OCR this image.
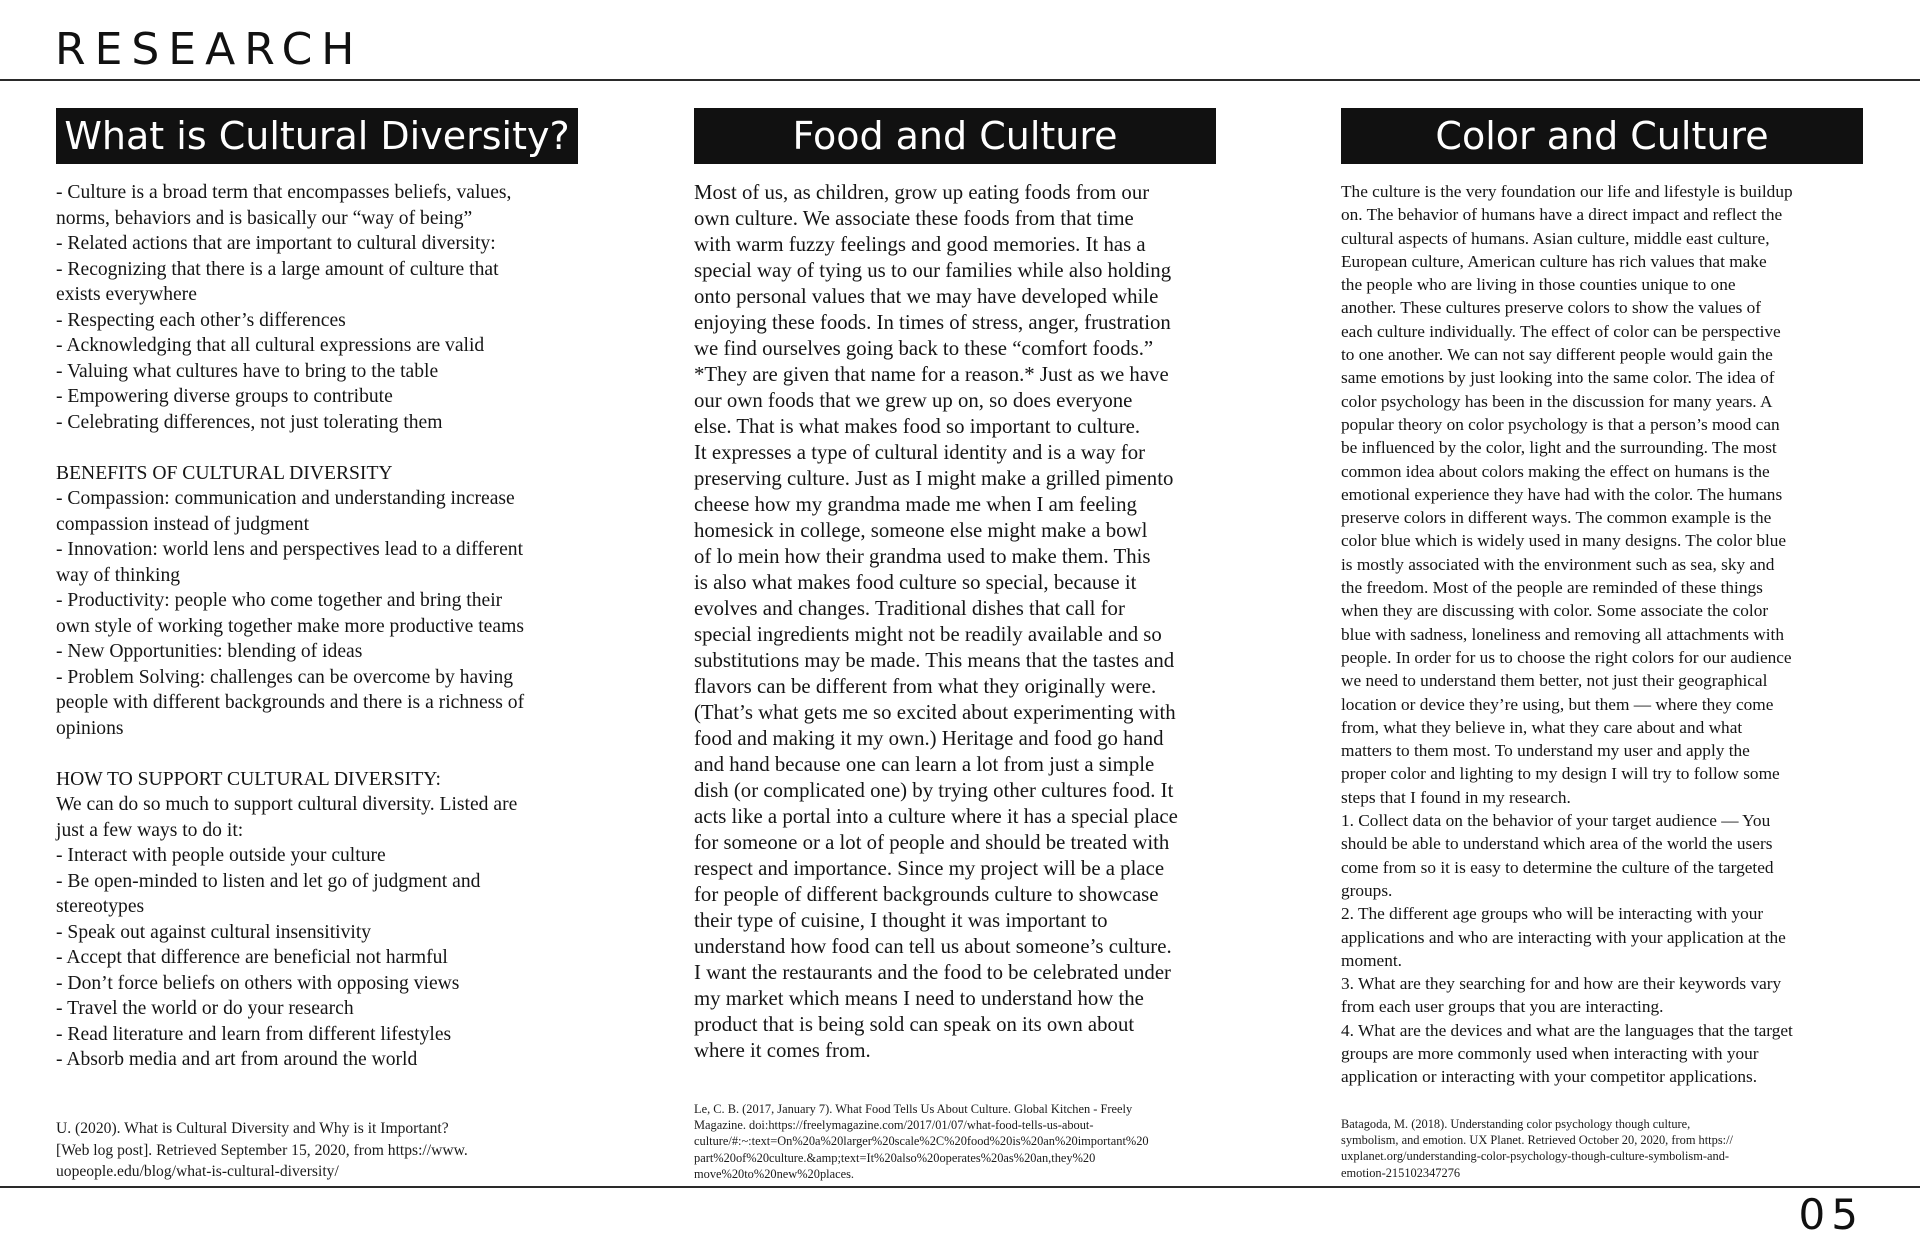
RESEARCH
What is Cultural Diversity?
- Culture is a broad term that encompasses beliefs, values,
norms, behaviors and is basically our “way of being”
- Related actions that are important to cultural diversity:
- Recognizing that there is a large amount of culture that
exists everywhere
- Respecting each other’s differences
- Acknowledging that all cultural expressions are valid
- Valuing what cultures have to bring to the table
- Empowering diverse groups to contribute
- Celebrating differences, not just tolerating them
BENEFITS OF CULTURAL DIVERSITY
- Compassion: communication and understanding increase
compassion instead of judgment
- Innovation: world lens and perspectives lead to a different
way of thinking
- Productivity: people who come together and bring their
own style of working together make more productive teams
- New Opportunities: blending of ideas
- Problem Solving: challenges can be overcome by having
people with different backgrounds and there is a richness of
opinions
HOW TO SUPPORT CULTURAL DIVERSITY:
We can do so much to support cultural diversity. Listed are
just a few ways to do it:
- Interact with people outside your culture
- Be open-minded to listen and let go of judgment and
stereotypes
- Speak out against cultural insensitivity
- Accept that difference are beneficial not harmful
- Don’t force beliefs on others with opposing views
- Travel the world or do your research
- Read literature and learn from different lifestyles
- Absorb media and art from around the world
Food and Culture
Most of us, as children, grow up eating foods from our
own culture. We associate these foods from that time
with warm fuzzy feelings and good memories. It has a
special way of tying us to our families while also holding
onto personal values that we may have developed while
enjoying these foods. In times of stress, anger, frustration
we find ourselves going back to these “comfort foods.”
*They are given that name for a reason.* Just as we have
our own foods that we grew up on, so does everyone
else. That is what makes food so important to culture.
It expresses a type of cultural identity and is a way for
preserving culture. Just as I might make a grilled pimento
cheese how my grandma made me when I am feeling
homesick in college, someone else might make a bowl
of lo mein how their grandma used to make them. This
is also what makes food culture so special, because it
evolves and changes. Traditional dishes that call for
special ingredients might not be readily available and so
substitutions may be made. This means that the tastes and
flavors can be different from what they originally were.
(That’s what gets me so excited about experimenting with
food and making it my own.) Heritage and food go hand
and hand because one can learn a lot from just a simple
dish (or complicated one) by trying other cultures food. It
acts like a portal into a culture where it has a special place
for someone or a lot of people and should be treated with
respect and importance. Since my project will be a place
for people of different backgrounds culture to showcase
their type of cuisine, I thought it was important to
understand how food can tell us about someone’s culture.
I want the restaurants and the food to be celebrated under
my market which means I need to understand how the
product that is being sold can speak on its own about
where it comes from.
Color and Culture
The culture is the very foundation our life and lifestyle is buildup
on. The behavior of humans have a direct impact and reflect the
cultural aspects of humans. Asian culture, middle east culture,
European culture, American culture has rich values that make
the people who are living in those counties unique to one
another. These cultures preserve colors to show the values of
each culture individually. The effect of color can be perspective
to one another. We can not say different people would gain the
same emotions by just looking into the same color. The idea of
color psychology has been in the discussion for many years. A
popular theory on color psychology is that a person’s mood can
be influenced by the color, light and the surrounding. The most
common idea about colors making the effect on humans is the
emotional experience they have had with the color. The humans
preserve colors in different ways. The common example is the
color blue which is widely used in many designs. The color blue
is mostly associated with the environment such as sea, sky and
the freedom. Most of the people are reminded of these things
when they are discussing with color. Some associate the color
blue with sadness, loneliness and removing all attachments with
people. In order for us to choose the right colors for our audience
we need to understand them better, not just their geographical
location or device they’re using, but them — where they come
from, what they believe in, what they care about and what
matters to them most. To understand my user and apply the
proper color and lighting to my design I will try to follow some
steps that I found in my research.
1. Collect data on the behavior of your target audience — You
should be able to understand which area of the world the users
come from so it is easy to determine the culture of the targeted
groups.
2. The different age groups who will be interacting with your
applications and who are interacting with your application at the
moment.
3. What are they searching for and how are their keywords vary
from each user groups that you are interacting.
4. What are the devices and what are the languages that the target
groups are more commonly used when interacting with your
application or interacting with your competitor applications.
U. (2020). What is Cultural Diversity and Why is it Important?
[Web log post]. Retrieved September 15, 2020, from https://www.
uopeople.edu/blog/what-is-cultural-diversity/
Le, C. B. (2017, January 7). What Food Tells Us About Culture. Global Kitchen - Freely
Magazine. doi:https://freelymagazine.com/2017/01/07/what-food-tells-us-about-
culture/#:~:text=On%20a%20larger%20scale%2C%20food%20is%20an%20important%20
part%20of%20culture.&amp;text=It%20also%20operates%20as%20an,they%20
move%20to%20new%20places.
Batagoda, M. (2018). Understanding color psychology though culture,
symbolism, and emotion. UX Planet. Retrieved October 20, 2020, from https://
uxplanet.org/understanding-color-psychology-though-culture-symbolism-and-
emotion-215102347276
05
